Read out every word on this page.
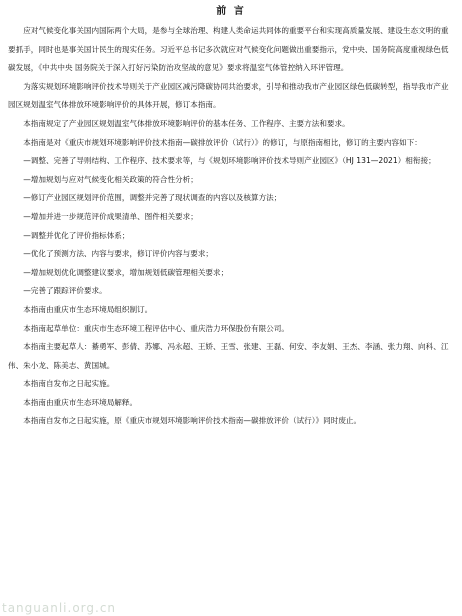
前 言

应对气候变化事关国内国际两个大局，是参与全球治理、构建人类命运共同体的重要平台和实现高质量发展、建设生态文明的重要抓手，同时也是事关国计民生的现实任务。习近平总书记多次就应对气候变化问题做出重要指示，党中央、国务院高度重视绿色低碳发展，《中共中央 国务院关于深入打好污染防治攻坚战的意见》要求将温室气体管控纳入环评管理。

为落实规划环境影响评价技术导则关于产业园区减污降碳协同共治要求，引导和推动我市产业园区绿色低碳转型，指导我市产业园区规划温室气体排放环境影响评价的具体开展，修订本指南。

本指南规定了产业园区规划温室气体排放环境影响评价的基本任务、工作程序、主要方法和要求。

本指南是对《重庆市规划环境影响评价技术指南—碳排放评价（试行）》的修订，与原指南相比，修订的主要内容如下：

—调整、完善了导则结构、工作程序、技术要求等，与《规划环境影响评价技术导则产业园区》（HJ 131—2021）相衔接；

—增加规划与应对气候变化相关政策的符合性分析；

—修订产业园区规划评价范围，调整并完善了现状调查的内容以及核算方法；

—增加并进一步规范评价成果清单、图件相关要求；

—调整并优化了评价指标体系；

—优化了预测方法、内容与要求，修订评价内容与要求；

—增加规划优化调整建议要求，增加规划低碳管理相关要求；

—完善了跟踪评价要求。

本指南由重庆市生态环境局组织制订。

本指南起草单位：重庆市生态环境工程评估中心、重庆浩力环保股份有限公司。

本指南主要起草人：綦勇军、彭倩、苏娜、冯永超、王娇、王雪、张建、王磊、何安、李友娟、王杰、李涵、张力翔、向科、江伟、朱小龙、陈美志、黄国城。

本指南自发布之日起实施。

本指南由重庆市生态环境局解释。

本指南自发布之日起实施，原《重庆市规划环境影响评价技术指南—碳排放评价（试行）》同时废止。

tanguanli.org.cn
